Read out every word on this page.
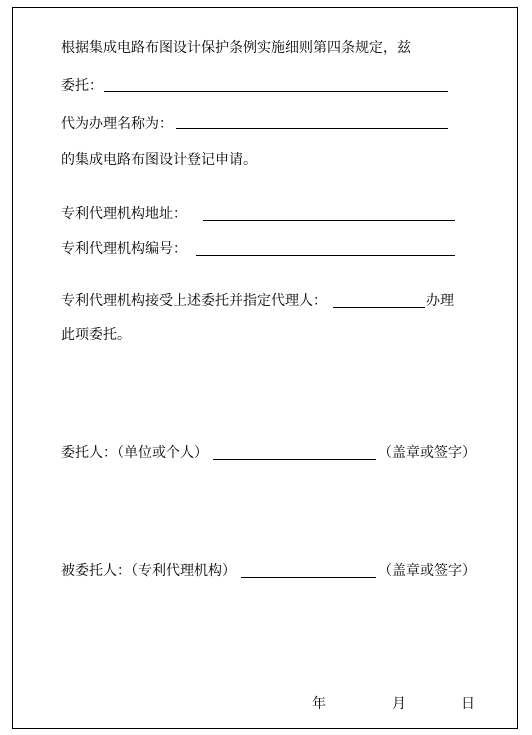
根据集成电路布图设计保护条例实施细则第四条规定，兹
委托：
代为办理名称为：
的集成电路布图设计登记申请。
专利代理机构地址：
专利代理机构编号：
专利代理机构接受上述委托并指定代理人：	办理
此项委托。
委托人：（单位或个人）	（盖章或签字）
被委托人：（专利代理机构）	（盖章或签字）
年	月	日
